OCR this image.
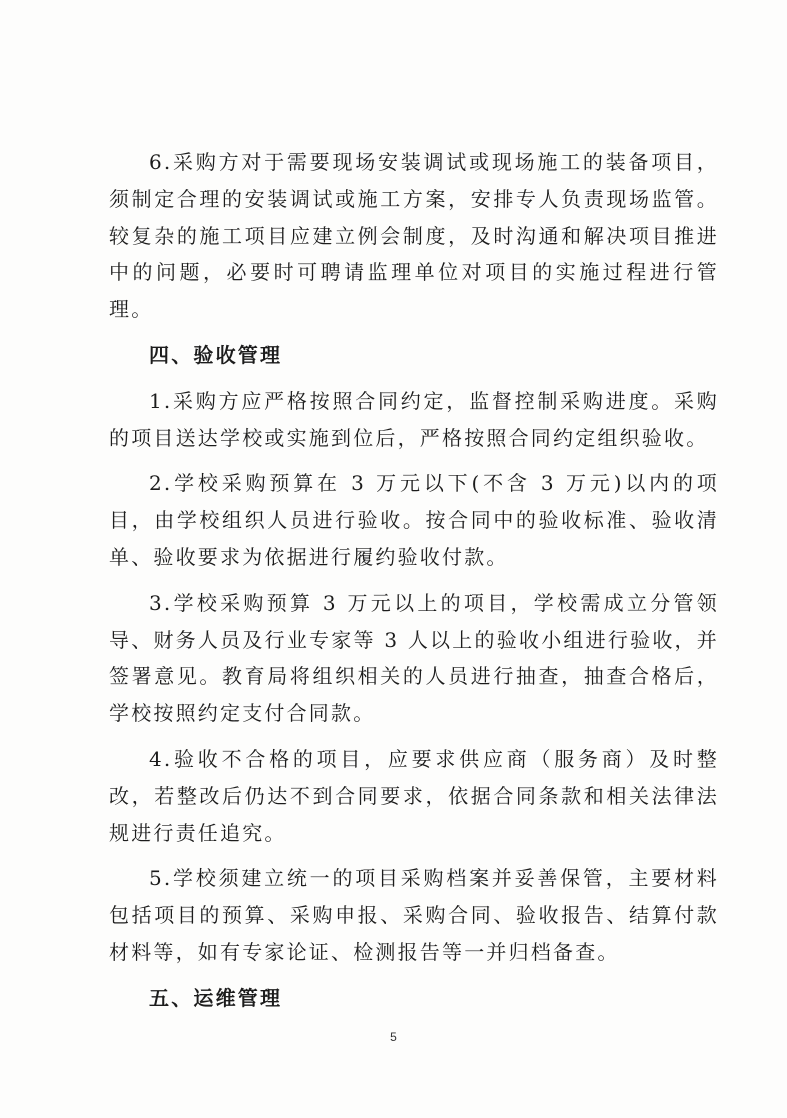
6.采购方对于需要现场安装调试或现场施工的装备项目，须制定合理的安装调试或施工方案，安排专人负责现场监管。较复杂的施工项目应建立例会制度，及时沟通和解决项目推进中的问题，必要时可聘请监理单位对项目的实施过程进行管理。

四、验收管理

1.采购方应严格按照合同约定，监督控制采购进度。采购的项目送达学校或实施到位后，严格按照合同约定组织验收。

2.学校采购预算在 3 万元以下(不含 3 万元)以内的项目，由学校组织人员进行验收。按合同中的验收标准、验收清单、验收要求为依据进行履约验收付款。

3.学校采购预算 3 万元以上的项目，学校需成立分管领导、财务人员及行业专家等 3 人以上的验收小组进行验收，并签署意见。教育局将组织相关的人员进行抽查，抽查合格后，学校按照约定支付合同款。

4.验收不合格的项目，应要求供应商（服务商）及时整改，若整改后仍达不到合同要求，依据合同条款和相关法律法规进行责任追究。

5.学校须建立统一的项目采购档案并妥善保管，主要材料包括项目的预算、采购申报、采购合同、验收报告、结算付款材料等，如有专家论证、检测报告等一并归档备查。

五、运维管理

5
